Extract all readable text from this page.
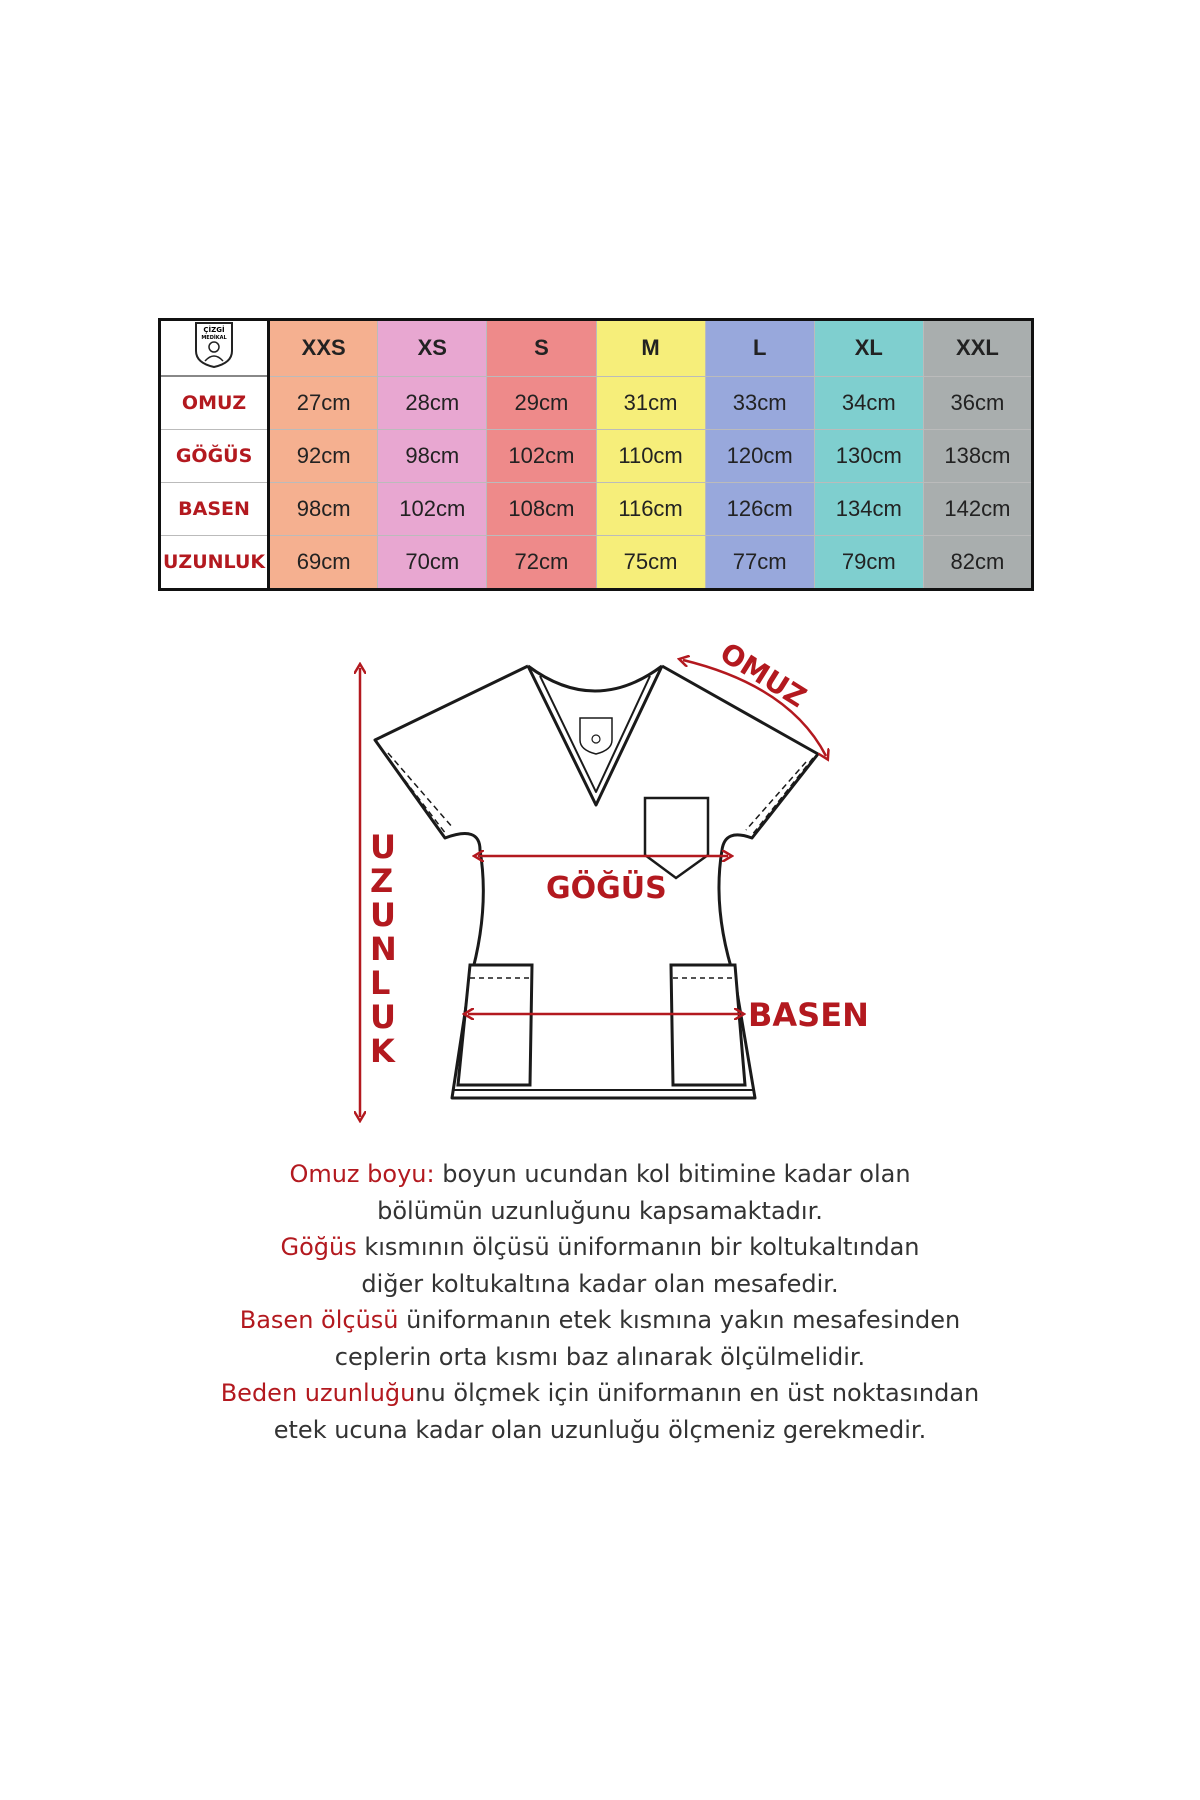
ÇİZGİ
MEDİKAL	XXS	XS	S	M	L	XL	XXL
OMUZ	27cm	28cm	29cm	31cm	33cm	34cm	36cm
GÖĞÜS	92cm	98cm	102cm	110cm	120cm	130cm	138cm
BASEN	98cm	102cm	108cm	116cm	126cm	134cm	142cm
UZUNLUK	69cm	70cm	72cm	75cm	77cm	79cm	82cm
OMUZ
GÖĞÜS
BASEN
U
Z
U
N
L
U
K

Omuz boyu: boyun ucundan kol bitimine kadar olan

bölümün uzunluğunu kapsamaktadır.

Göğüs kısmının ölçüsü üniformanın bir koltukaltından

diğer koltukaltına kadar olan mesafedir.

Basen ölçüsü üniformanın etek kısmına yakın mesafesinden

ceplerin orta kısmı baz alınarak ölçülmelidir.

Beden uzunluğunu ölçmek için üniformanın en üst noktasından

etek ucuna kadar olan uzunluğu ölçmeniz gerekmedir.
